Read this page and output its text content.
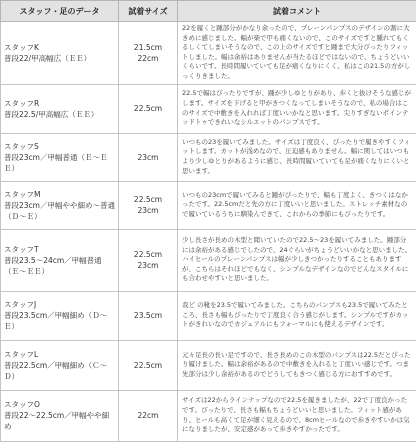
スタッフ・足のデータ	試着サイズ	試着コメント

スタッフK
普段22/甲高幅広（ＥＥ）	21.5cm
22cm	22を履くと踵部分がかなり余ったので、プレーンパンプスのデザインの割に大きめに感じました。幅が楽で甲も痛くないので、このサイズですと腫れてもくるしくてしまいそうなので、この上のサイズですと踵まで大分ぴったりフィットしました。幅は余裕はありませんが当たるほどではないので、ちょうどいいくらいです。長時間履いていても足が痛くなりにくく、私はこの21.5の方がしっくりきました。

スタッフR
普段22.5/甲高幅広（ＥＥ）	22.5cm	22.5で幅はぴったりですが、踵が少しゆとりがあり、歩くと抜けそうな感じがします。サイズを下げると甲がきつくなってしまいそうなので、私の場合はこのサイズで中敷きを入れれば丁度いいかなと思います。尖りすぎないポインテッドトゥできれいなシルエットのパンプスです。

スタッフS
普段23cm／甲幅普通（Ｅ〜ＥＥ）	23cm	いつもの23を履いてみました。サイズは丁度良く、ぴったりで履きやすくフィットします。カットが浅めなので、圧迫感もありません。幅に関してはいつもより少しゆとりがあるように感じ、長時間履いていても足が痛くなりにくいと思います。

スタッフM
普段23cm／甲幅やや細め〜普通（Ｄ〜Ｅ）	22.5cm
23cm	いつもの23cmで履いてみると踵がぴったりで、幅も丁度よく、きつくはなかったです。22.5cmだと先の方に丁度いいと思いました。ストレッチ素材なので履いているうちに馴染んできて、これからの季節にもぴったりです。

スタッフT
普段23.5〜24cm／甲幅普通（Ｅ〜ＥＥ）	22.5cm
23cm	少し長さが長めの木型と聞いていたので22.5～23を履いてみました。踵部分には余裕がある感じでしたので、24ぐらいがちょうどいいかなと思いました。ハイヒールのプレーンパンプスは幅が少しきつかったりすることもありますが、こちらはそれほどでもなく、シンプルなデザインなのでどんなスタイルにも合わせやすいと思いました。

スタッフJ
普段23.5cm／甲幅細め（Ｄ〜Ｅ）	23.5cm	我ど の靴を23.5で履いてみました。こちらのパンプスも23.5で履いてみたところ、長さも幅もぴったりで丁度良く合う感じがします。シンプルですがカットがきれいなのでカジュアルにもフォーマルにも使えるデザインです。

スタッフL
普段22.5cm／甲幅細め（Ｃ〜Ｄ）	22.5cm	元々足長の長い足ですので、長さ長めのこの木型のパンプスは22.5だとぴったり履けました。幅は余裕があるので中敷きを入れると丁度いい感じです。つま先部分は少し余裕があるのでどうしてもきつく感じる方におすすめです。

スタッフO
普段22〜22.5cm／甲幅やや細め	22cm	サイズは22からラインナップなので22.5を履きましたが、22で丁度良かったです。ぴったりで、長さも幅もちょうどいいと思いました。フィット感があり、ヒールも高くて足が細く見えるので、8cmヒールなので歩きやすいかは気になりましたが、安定感があって歩きやすかったです。
